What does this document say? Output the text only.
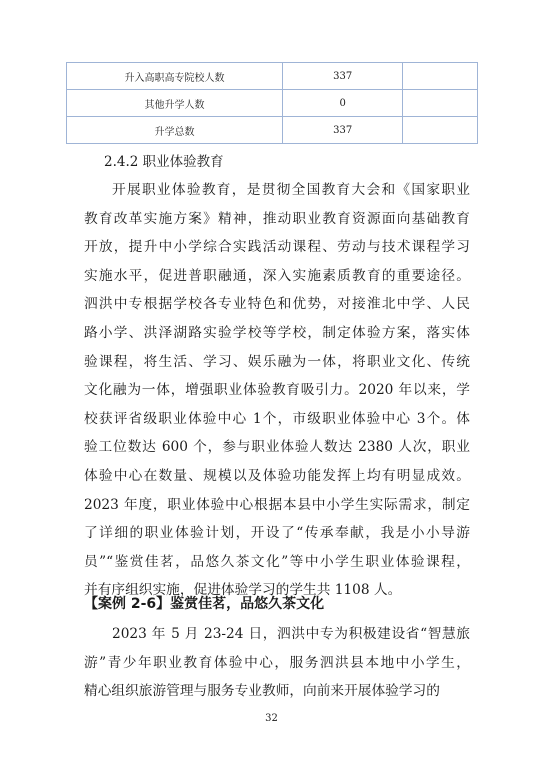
升入高职高专院校人数	337	
其他升学人数	0	
升学总数	337	
2.4.2 职业体验教育
开展职业体验教育，是贯彻全国教育大会和《国家职业
教育改革实施方案》精神，推动职业教育资源面向基础教育
开放，提升中小学综合实践活动课程、劳动与技术课程学习
实施水平，促进普职融通，深入实施素质教育的重要途径。
泗洪中专根据学校各专业特色和优势，对接淮北中学、人民
路小学、洪泽湖路实验学校等学校，制定体验方案，落实体
验课程，将生活、学习、娱乐融为一体，将职业文化、传统
文化融为一体，增强职业体验教育吸引力。2020 年以来，学
校获评省级职业体验中心 1个，市级职业体验中心 3个。体
验工位数达 600 个，参与职业体验人数达 2380 人次，职业
体验中心在数量、规模以及体验功能发挥上均有明显成效。
2023 年度，职业体验中心根据本县中小学生实际需求，制定
了详细的职业体验计划，开设了“传承奉献，我是小小导游
员”“鉴赏佳茗，品悠久茶文化”等中小学生职业体验课程，
并有序组织实施，促进体验学习的学生共 1108 人。
【案例 2-6】鉴赏佳茗，品悠久茶文化
2023 年 5 月 23-24 日，泗洪中专为积极建设省“智慧旅
游”青少年职业教育体验中心，服务泗洪县本地中小学生，
精心组织旅游管理与服务专业教师，向前来开展体验学习的
32
